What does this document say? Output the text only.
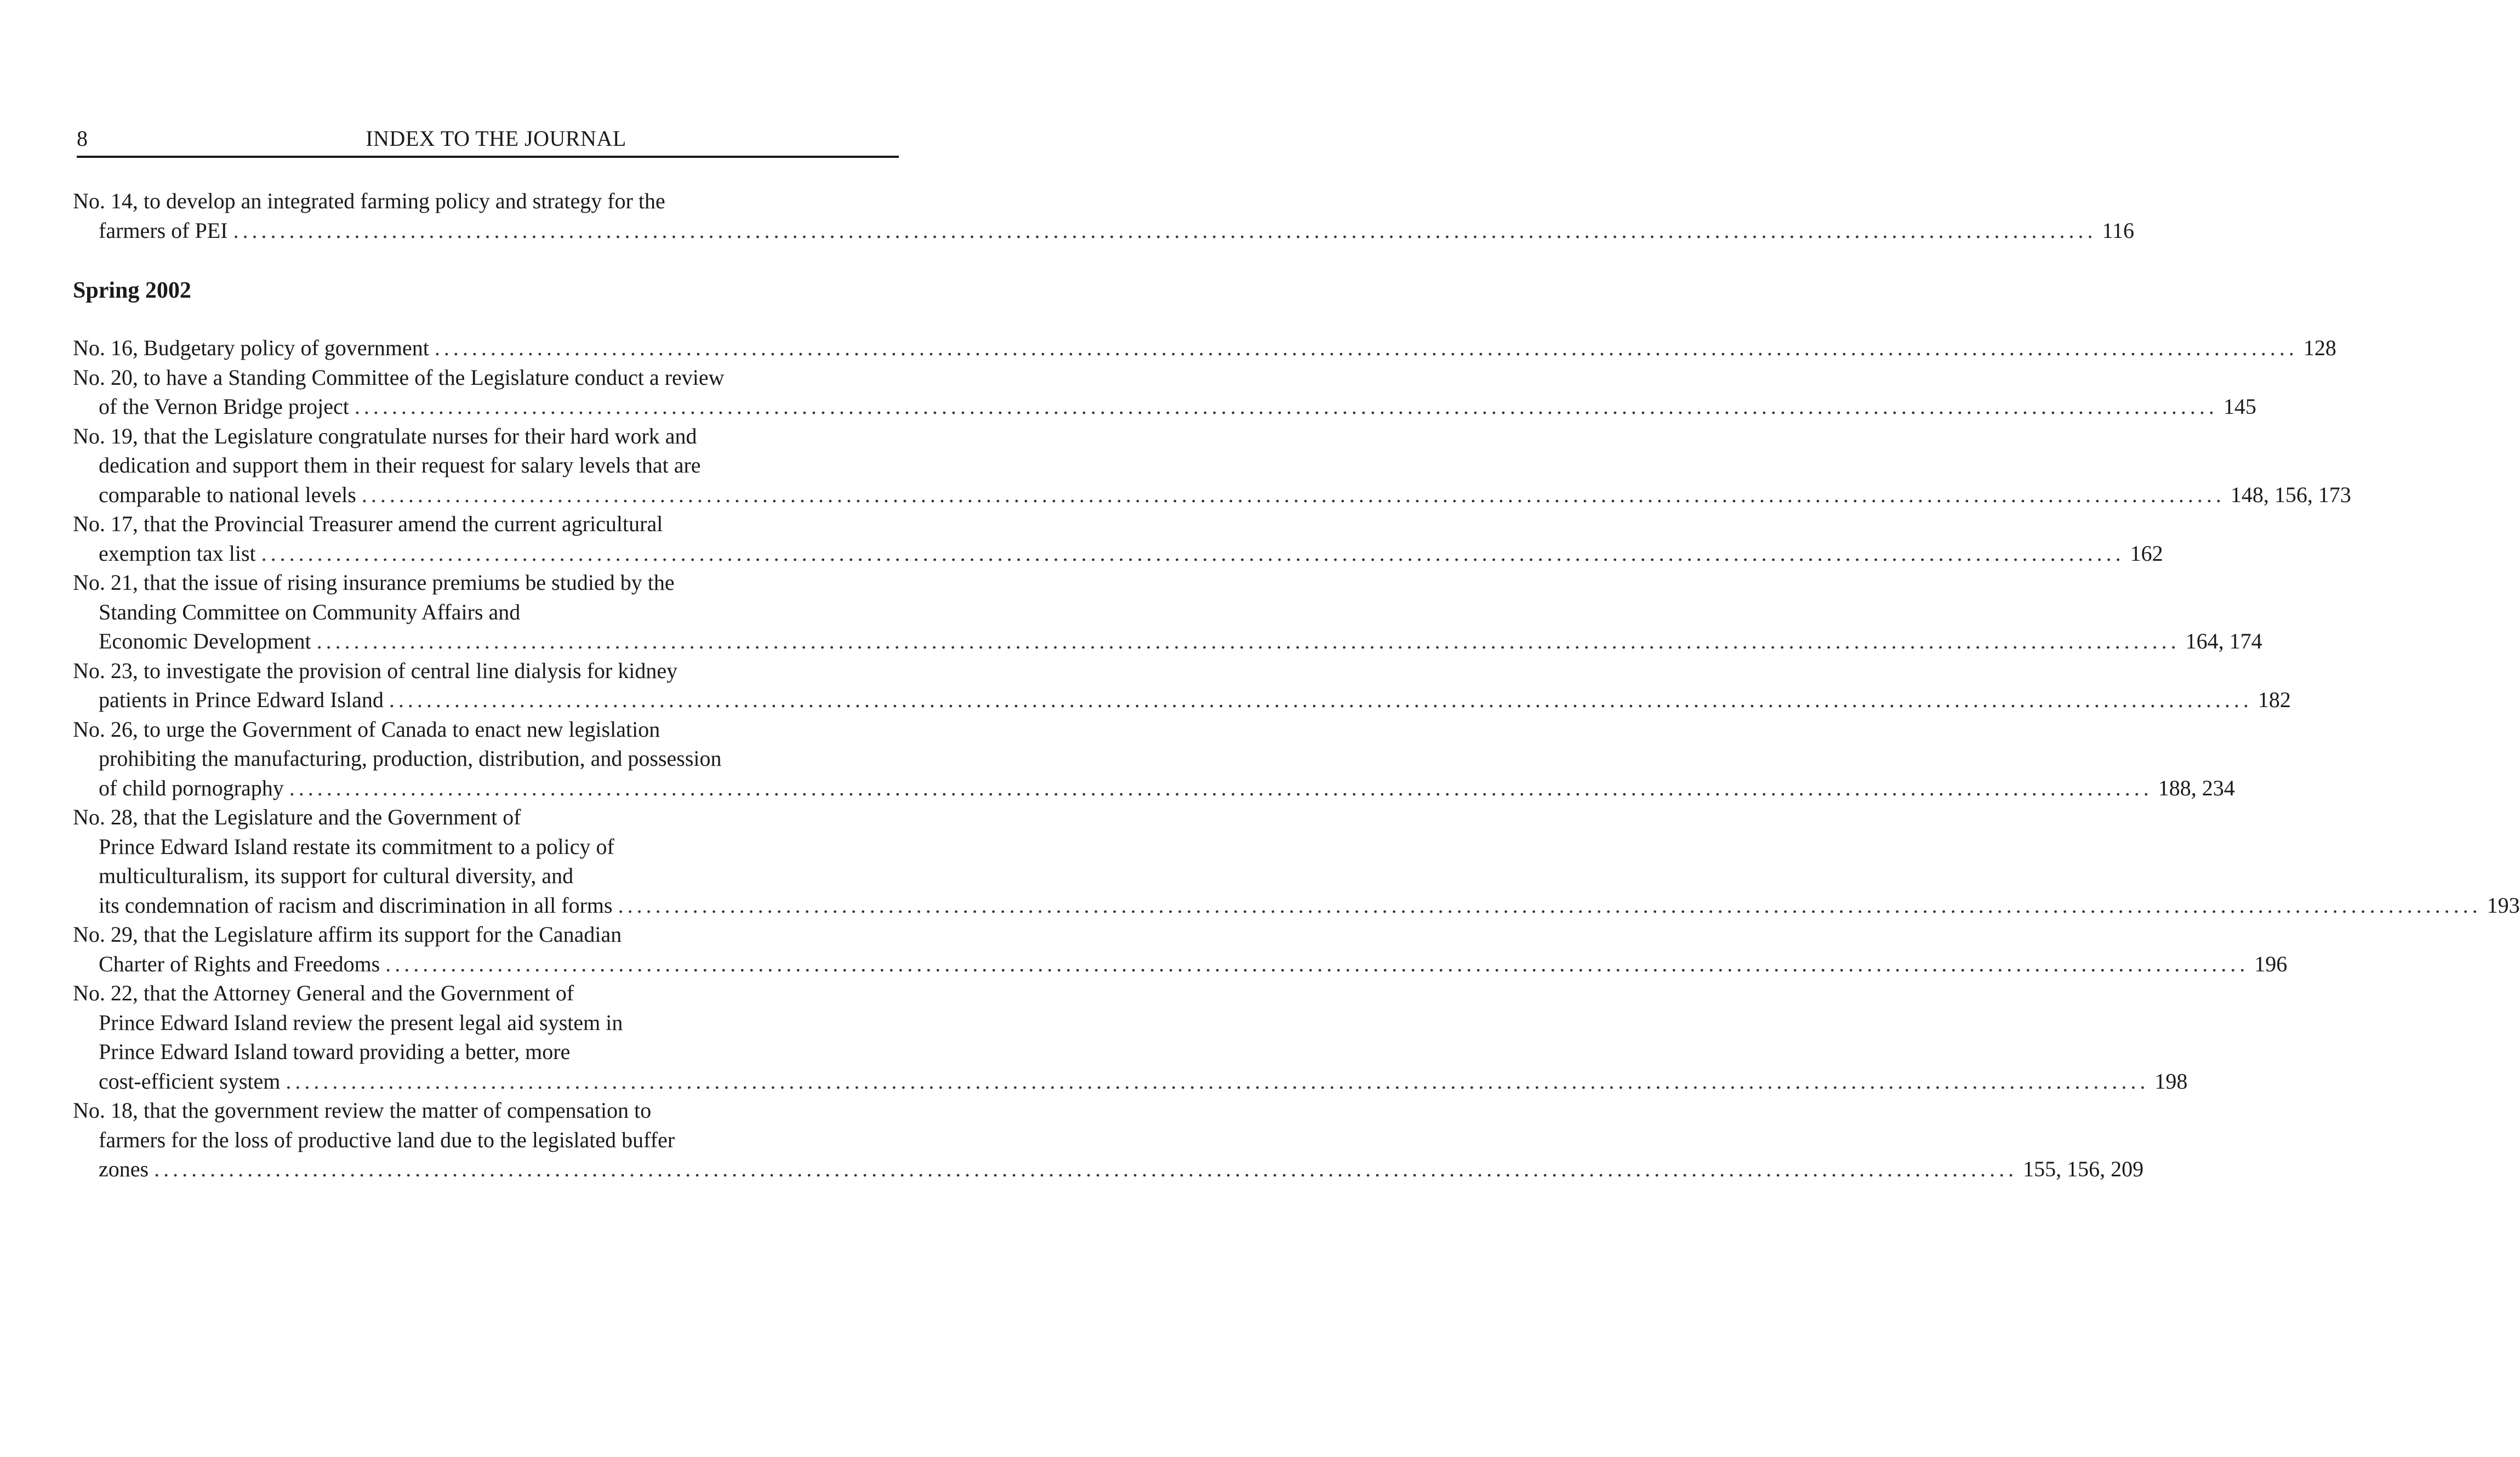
8	INDEX TO THE JOURNAL
No. 14, to develop an integrated farming policy and strategy for the
farmers of PEI ........................................................................................................................................................................................................ 116
Spring 2002
No. 16, Budgetary policy of government ........................................................................................................................................................................................................ 128
No. 20, to have a Standing Committee of the Legislature conduct a review
of the Vernon Bridge project ........................................................................................................................................................................................................ 145
No. 19, that the Legislature congratulate nurses for their hard work and
dedication and support them in their request for salary levels that are
comparable to national levels ........................................................................................................................................................................................................ 148, 156, 173
No. 17, that the Provincial Treasurer amend the current agricultural
exemption tax list ........................................................................................................................................................................................................ 162
No. 21, that the issue of rising insurance premiums be studied by the
Standing Committee on Community Affairs and
Economic Development ........................................................................................................................................................................................................ 164, 174
No. 23, to investigate the provision of central line dialysis for kidney
patients in Prince Edward Island ........................................................................................................................................................................................................ 182
No. 26, to urge the Government of Canada to enact new legislation
prohibiting the manufacturing, production, distribution, and possession
of child pornography ........................................................................................................................................................................................................ 188, 234
No. 28, that the Legislature and the Government of
Prince Edward Island restate its commitment to a policy of
multiculturalism, its support for cultural diversity, and
its condemnation of racism and discrimination in all forms ........................................................................................................................................................................................................ 193
No. 29, that the Legislature affirm its support for the Canadian
Charter of Rights and Freedoms ........................................................................................................................................................................................................ 196
No. 22, that the Attorney General and the Government of
Prince Edward Island review the present legal aid system in
Prince Edward Island toward providing a better, more
cost-efficient system ........................................................................................................................................................................................................ 198
No. 18, that the government review the matter of compensation to
farmers for the loss of productive land due to the legislated buffer
zones ........................................................................................................................................................................................................ 155, 156, 209
